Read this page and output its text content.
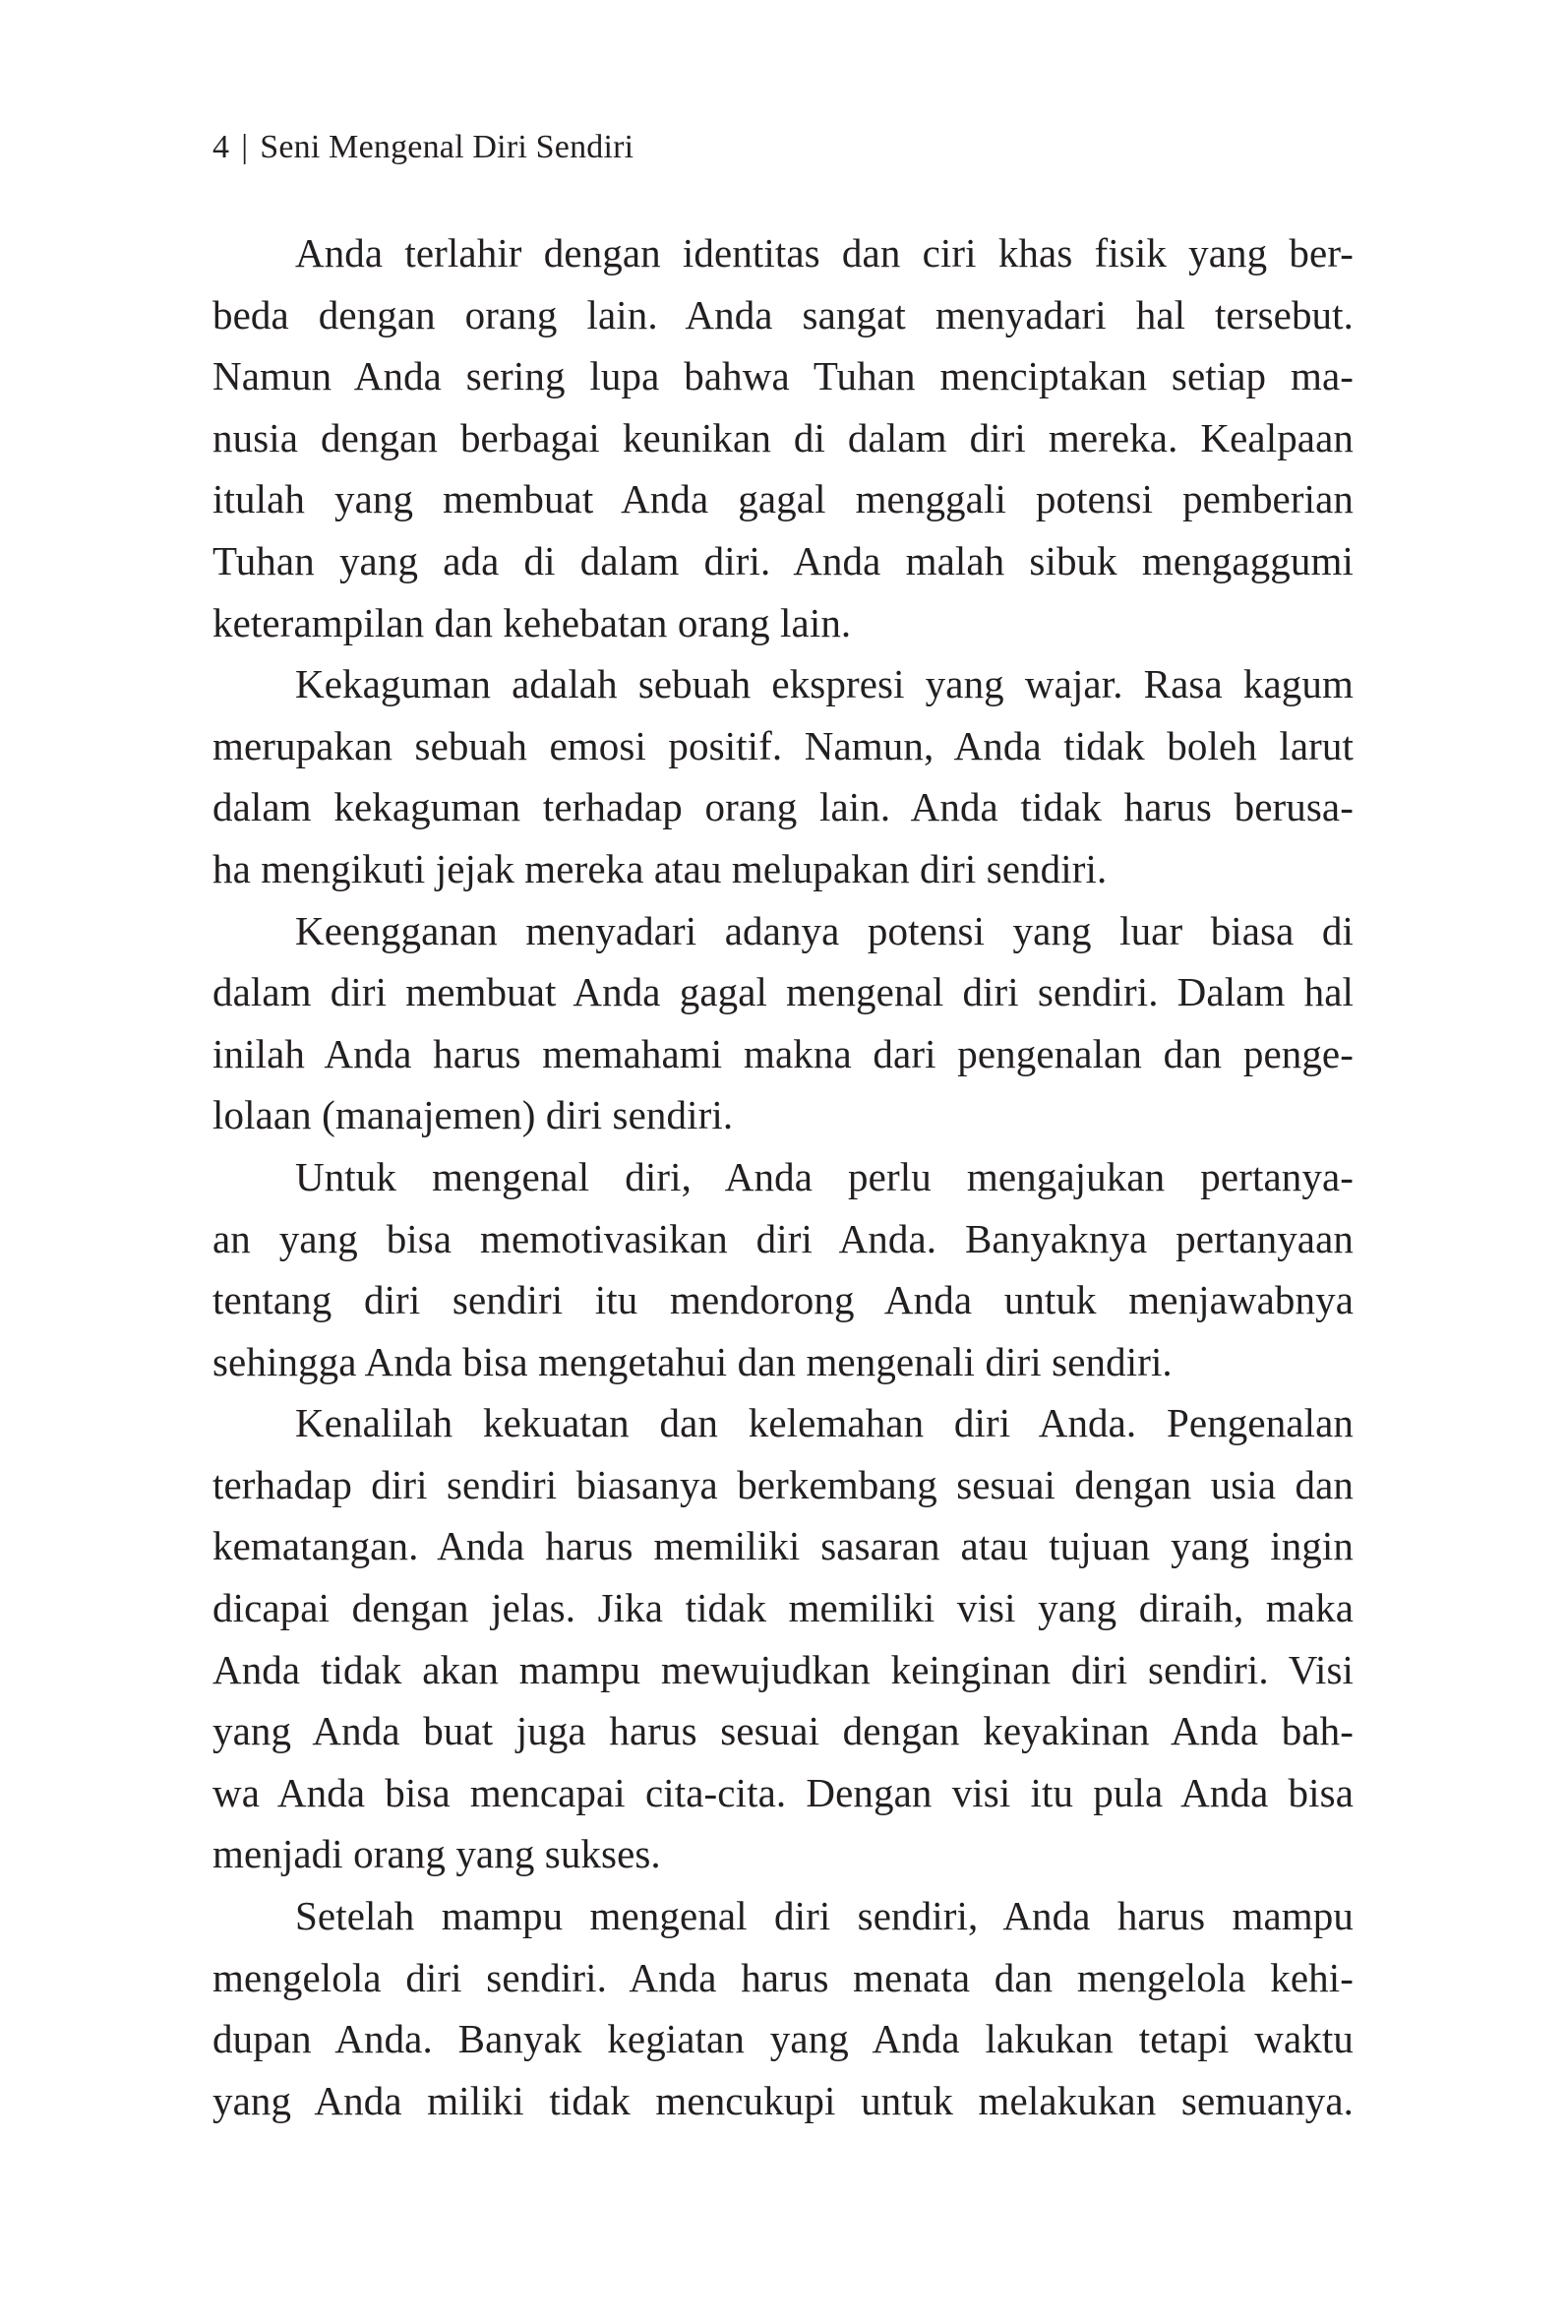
4 | Seni Mengenal Diri Sendiri
Anda terlahir dengan identitas dan ciri khas fisik yang ber-
beda dengan orang lain. Anda sangat menyadari hal tersebut.
Namun Anda sering lupa bahwa Tuhan menciptakan setiap ma-
nusia dengan berbagai keunikan di dalam diri mereka. Kealpaan
itulah yang membuat Anda gagal menggali potensi pemberian
Tuhan yang ada di dalam diri. Anda malah sibuk mengaggumi
keterampilan dan kehebatan orang lain.
Kekaguman adalah sebuah ekspresi yang wajar. Rasa kagum
merupakan sebuah emosi positif. Namun, Anda tidak boleh larut
dalam kekaguman terhadap orang lain. Anda tidak harus berusa-
ha mengikuti jejak mereka atau melupakan diri sendiri.
Keengganan menyadari adanya potensi yang luar biasa di
dalam diri membuat Anda gagal mengenal diri sendiri. Dalam hal
inilah Anda harus memahami makna dari pengenalan dan penge-
lolaan (manajemen) diri sendiri.
Untuk mengenal diri, Anda perlu mengajukan pertanya-
an yang bisa memotivasikan diri Anda. Banyaknya pertanyaan
tentang diri sendiri itu mendorong Anda untuk menjawabnya
sehingga Anda bisa mengetahui dan mengenali diri sendiri.
Kenalilah kekuatan dan kelemahan diri Anda. Pengenalan
terhadap diri sendiri biasanya berkembang sesuai dengan usia dan
kematangan. Anda harus memiliki sasaran atau tujuan yang ingin
dicapai dengan jelas. Jika tidak memiliki visi yang diraih, maka
Anda tidak akan mampu mewujudkan keinginan diri sendiri. Visi
yang Anda buat juga harus sesuai dengan keyakinan Anda bah-
wa Anda bisa mencapai cita-cita. Dengan visi itu pula Anda bisa
menjadi orang yang sukses.
Setelah mampu mengenal diri sendiri, Anda harus mampu
mengelola diri sendiri. Anda harus menata dan mengelola kehi-
dupan Anda. Banyak kegiatan yang Anda lakukan tetapi waktu
yang Anda miliki tidak mencukupi untuk melakukan semuanya.
